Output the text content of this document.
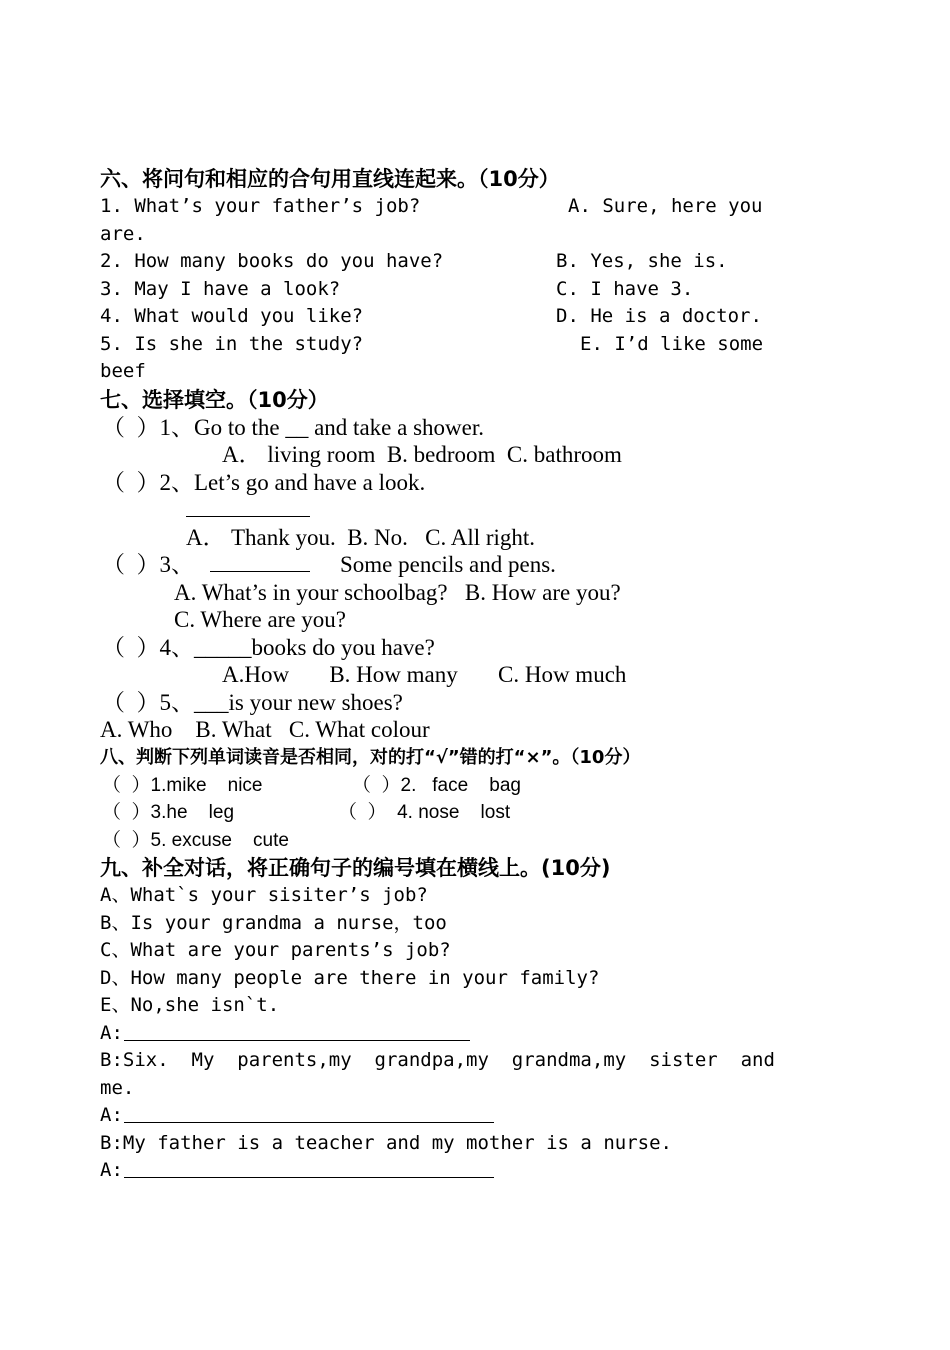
六、将问句和相应的合句用直线连起来。（10分）

1. What’s your father’s job?

	A. Sure, here you

are.

2. How many books do you have?

	B. Yes, she is.

3. May I have a look?

	C. I have 3.

4. What would you like?

	D. He is a doctor.

5. Is she in the study?

	E. I’d like some

beef

七、选择填空。（10分）

（  ）1、Go to the __ and take a shower.

A． living room  B. bedroom  C. bathroom

（  ）2、Let’s go and have a look.

A． Thank you.  B. No.   C. All right.

（  ）3、

	Some pencils and pens.

A. What’s in your schoolbag?   B. How are you?

C. Where are you?

（  ）4、_____books do you have?

A.How       B. How many       C. How much

（  ）5、___is your new shoes?

A. Who    B. What   C. What colour

八、判断下列单词读音是否相同，对的打“√”错的打“×”。（10分）

（  ）1.mike    nice

	（  ）2.   face    bag

（  ）3.he    leg

	（  ）  4. nose    lost

（  ）5. excuse    cute

九、补全对话，将正确句子的编号填在横线上。(10分)
A、What`s your sisiter’s job?
B、Is your grandma a nurse，too
C、What are your parents’s job?
D、How many people are there in your family?
E、No,she isn`t.

A:

B:Six.  My  parents,my  grandpa,my  grandma,my  sister  and

me.

A:

B:My father is a teacher and my mother is a nurse.

A:
